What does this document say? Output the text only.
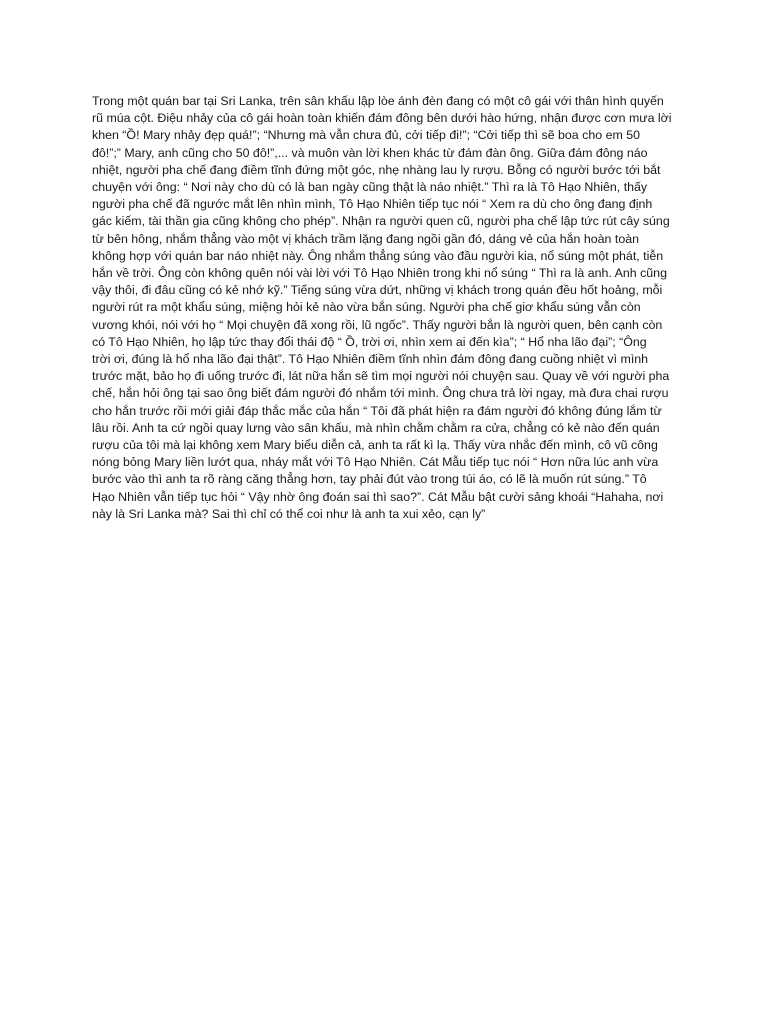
Trong một quán bar tại Sri Lanka, trên sân khấu lập lòe ánh đèn đang có một cô gái với thân hình quyến
rũ múa cột. Điệu nhảy của cô gái hoàn toàn khiến đám đông bên dưới hào hứng, nhận được cơn mưa lời
khen “Ồ! Mary nhảy đẹp quá!”; “Nhưng mà vẫn chưa đủ, cởi tiếp đi!”; “Cởi tiếp thì sẽ boa cho em 50
đô!”;” Mary, anh cũng cho 50 đô!”,... và muôn vàn lời khen khác từ đám đàn ông. Giữa đám đông náo
nhiệt, người pha chế đang điềm tĩnh đứng một góc, nhẹ nhàng lau ly rượu. Bỗng có người bước tới bắt
chuyện với ông: “ Nơi này cho dù có là ban ngày cũng thật là náo nhiệt.” Thì ra là Tô Hạo Nhiên, thấy
người pha chế đã ngước mắt lên nhìn mình, Tô Hạo Nhiên tiếp tục nói “ Xem ra dù cho ông đang định
gác kiếm, tài thần gia cũng không cho phép”. Nhận ra người quen cũ, người pha chế lập tức rút cây súng
từ bên hông, nhắm thẳng vào một vị khách trầm lặng đang ngồi gần đó, dáng vẻ của hắn hoàn toàn
không hợp với quán bar náo nhiệt này. Ông nhắm thẳng súng vào đầu người kia, nổ súng một phát, tiễn
hắn về trời. Ông còn không quên nói vài lời với Tô Hạo Nhiên trong khi nổ súng “ Thì ra là anh. Anh cũng
vậy thôi, đi đâu cũng có kẻ nhớ kỹ.” Tiếng súng vừa dứt, những vị khách trong quán đều hốt hoảng, mỗi
người rút ra một khẩu súng, miệng hỏi kẻ nào vừa bắn súng. Người pha chế giơ khẩu súng vẫn còn
vương khói, nói với họ “ Mọi chuyện đã xong rồi, lũ ngốc”. Thấy người bắn là người quen, bên cạnh còn
có Tô Hạo Nhiên, họ lập tức thay đổi thái độ “ Ồ, trời ơi, nhìn xem ai đến kìa”; “ Hổ nha lão đại”; “Ông
trời ơi, đúng là hổ nha lão đại thật”. Tô Hạo Nhiên điềm tĩnh nhìn đám đông đang cuồng nhiệt vì mình
trước mặt, bảo họ đi uống trước đi, lát nữa hắn sẽ tìm mọi người nói chuyện sau. Quay về với người pha
chế, hắn hỏi ông tại sao ông biết đám người đó nhắm tới mình. Ông chưa trả lời ngay, mà đưa chai rượu
cho hắn trước rồi mới giải đáp thắc mắc của hắn “ Tôi đã phát hiện ra đám người đó không đúng lắm từ
lâu rồi. Anh ta cứ ngồi quay lưng vào sân khấu, mà nhìn chằm chằm ra cửa, chẳng có kẻ nào đến quán
rượu của tôi mà lại không xem Mary biểu diễn cả, anh ta rất kì lạ. Thấy vừa nhắc đến mình, cô vũ công
nóng bỏng Mary liền lướt qua, nháy mắt với Tô Hạo Nhiên. Cát Mẫu tiếp tục nói “ Hơn nữa lúc anh vừa
bước vào thì anh ta rõ ràng căng thẳng hơn, tay phải đút vào trong túi áo, có lẽ là muốn rút súng.” Tô
Hạo Nhiên vẫn tiếp tục hỏi “ Vậy nhờ ông đoán sai thì sao?”. Cát Mẫu bật cười sảng khoái “Hahaha, nơi
này là Sri Lanka mà? Sai thì chỉ có thể coi như là anh ta xui xẻo, cạn ly”
